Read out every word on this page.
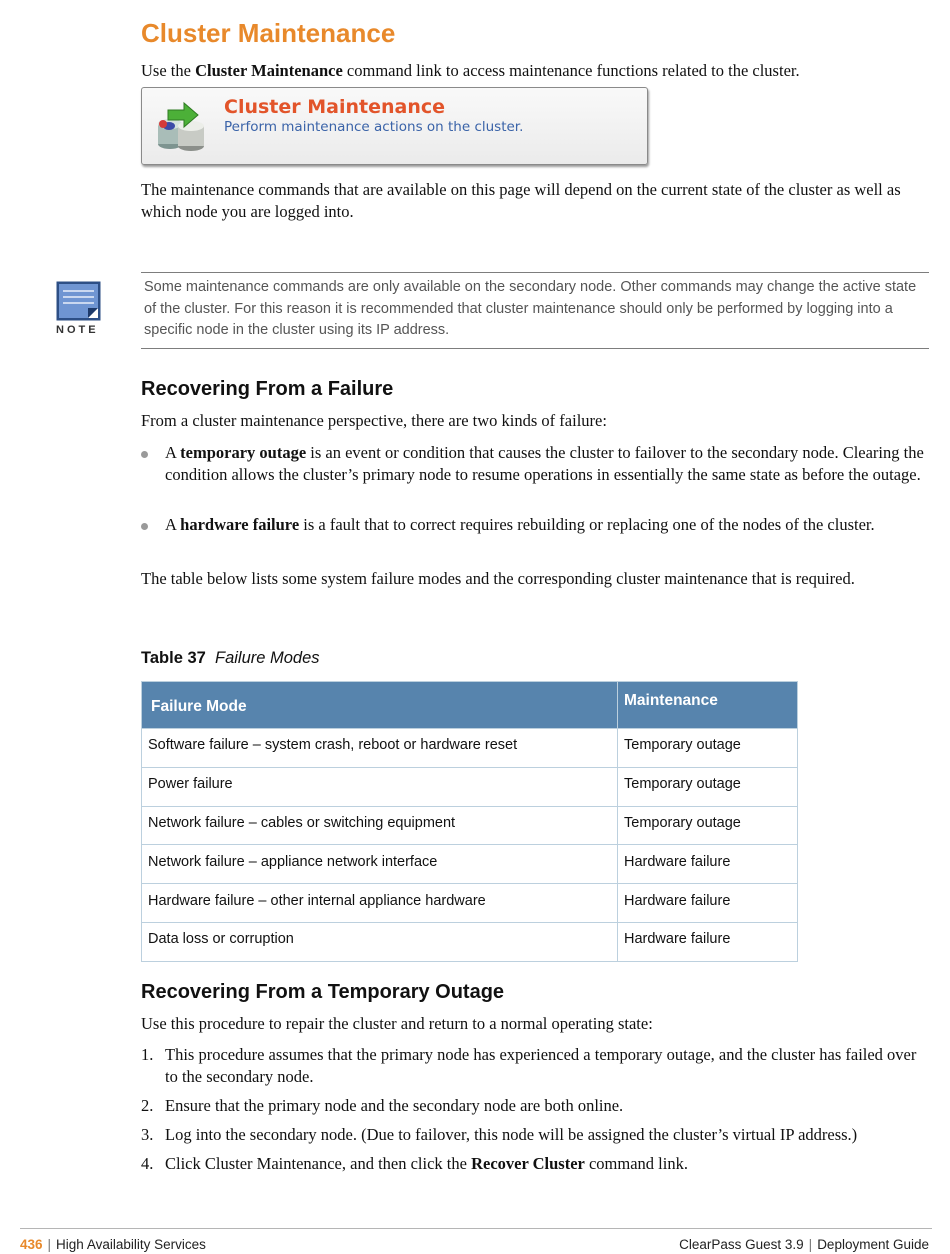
Cluster Maintenance

Use the Cluster Maintenance command link to access maintenance functions related to the cluster.

Cluster Maintenance
Perform maintenance actions on the cluster.

The maintenance commands that are available on this page will depend on the current state of the cluster as well as which node you are logged into.

NOTE

Some maintenance commands are only available on the secondary node. Other commands may change the active state of the cluster. For this reason it is recommended that cluster maintenance should only be performed by logging into a specific node in the cluster using its IP address.

Recovering From a Failure

From a cluster maintenance perspective, there are two kinds of failure:

A temporary outage is an event or condition that causes the cluster to failover to the secondary node. Clearing the condition allows the cluster’s primary node to resume operations in essentially the same state as before the outage.

A hardware failure is a fault that to correct requires rebuilding or replacing one of the nodes of the cluster.

The table below lists some system failure modes and the corresponding cluster maintenance that is required.

Table 37 Failure Modes
Failure Mode	Maintenance
Software failure – system crash, reboot or hardware reset	Temporary outage
Power failure	Temporary outage
Network failure – cables or switching equipment	Temporary outage
Network failure – appliance network interface	Hardware failure
Hardware failure – other internal appliance hardware	Hardware failure
Data loss or corruption	Hardware failure
Recovering From a Temporary Outage

Use this procedure to repair the cluster and return to a normal operating state:

1. This procedure assumes that the primary node has experienced a temporary outage, and the cluster has failed over to the secondary node.

2. Ensure that the primary node and the secondary node are both online.

3. Log into the secondary node. (Due to failover, this node will be assigned the cluster’s virtual IP address.)

4. Click Cluster Maintenance, and then click the Recover Cluster command link.

436 | High Availability Services	ClearPass Guest 3.9 | Deployment Guide
